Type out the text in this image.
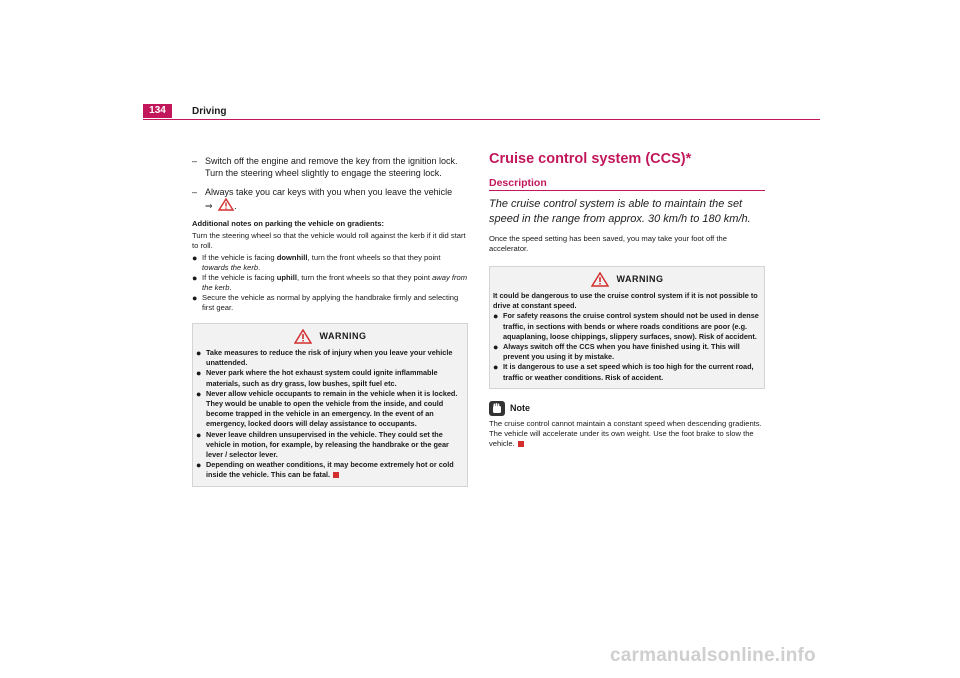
134	Driving
– Switch off the engine and remove the key from the ignition lock. Turn the steering wheel slightly to engage the steering lock.
– Always take you car keys with you when you leave the vehicle
⇒ .

Additional notes on parking the vehicle on gradients:

Turn the steering wheel so that the vehicle would roll against the kerb if it did start to roll.

● If the vehicle is facing downhill, turn the front wheels so that they point towards the kerb.
● If the vehicle is facing uphill, turn the front wheels so that they point away from the kerb.
● Secure the vehicle as normal by applying the handbrake firmly and selecting first gear.
WARNING
● Take measures to reduce the risk of injury when you leave your vehicle unattended.
● Never park where the hot exhaust system could ignite inflammable materials, such as dry grass, low bushes, spilt fuel etc.
● Never allow vehicle occupants to remain in the vehicle when it is locked. They would be unable to open the vehicle from the inside, and could become trapped in the vehicle in an emergency. In the event of an emergency, locked doors will delay assistance to occupants.
● Never leave children unsupervised in the vehicle. They could set the vehicle in motion, for example, by releasing the handbrake or the gear lever / selector lever.
● Depending on weather conditions, it may become extremely hot or cold inside the vehicle. This can be fatal.
Cruise control system (CCS)*
Description
The cruise control system is able to maintain the set speed in the range from approx. 30 km/h to 180 km/h.

Once the speed setting has been saved, you may take your foot off the accelerator.

WARNING

It could be dangerous to use the cruise control system if it is not possible to drive at constant speed.

● For safety reasons the cruise control system should not be used in dense traffic, in sections with bends or where roads conditions are poor (e.g. aquaplaning, loose chippings, slippery surfaces, snow). Risk of accident.
● Always switch off the CCS when you have finished using it. This will prevent you using it by mistake.
● It is dangerous to use a set speed which is too high for the current road, traffic or weather conditions. Risk of accident.
Note

The cruise control cannot maintain a constant speed when descending gradients. The vehicle will accelerate under its own weight. Use the foot brake to slow the vehicle.

carmanualsonline.info
